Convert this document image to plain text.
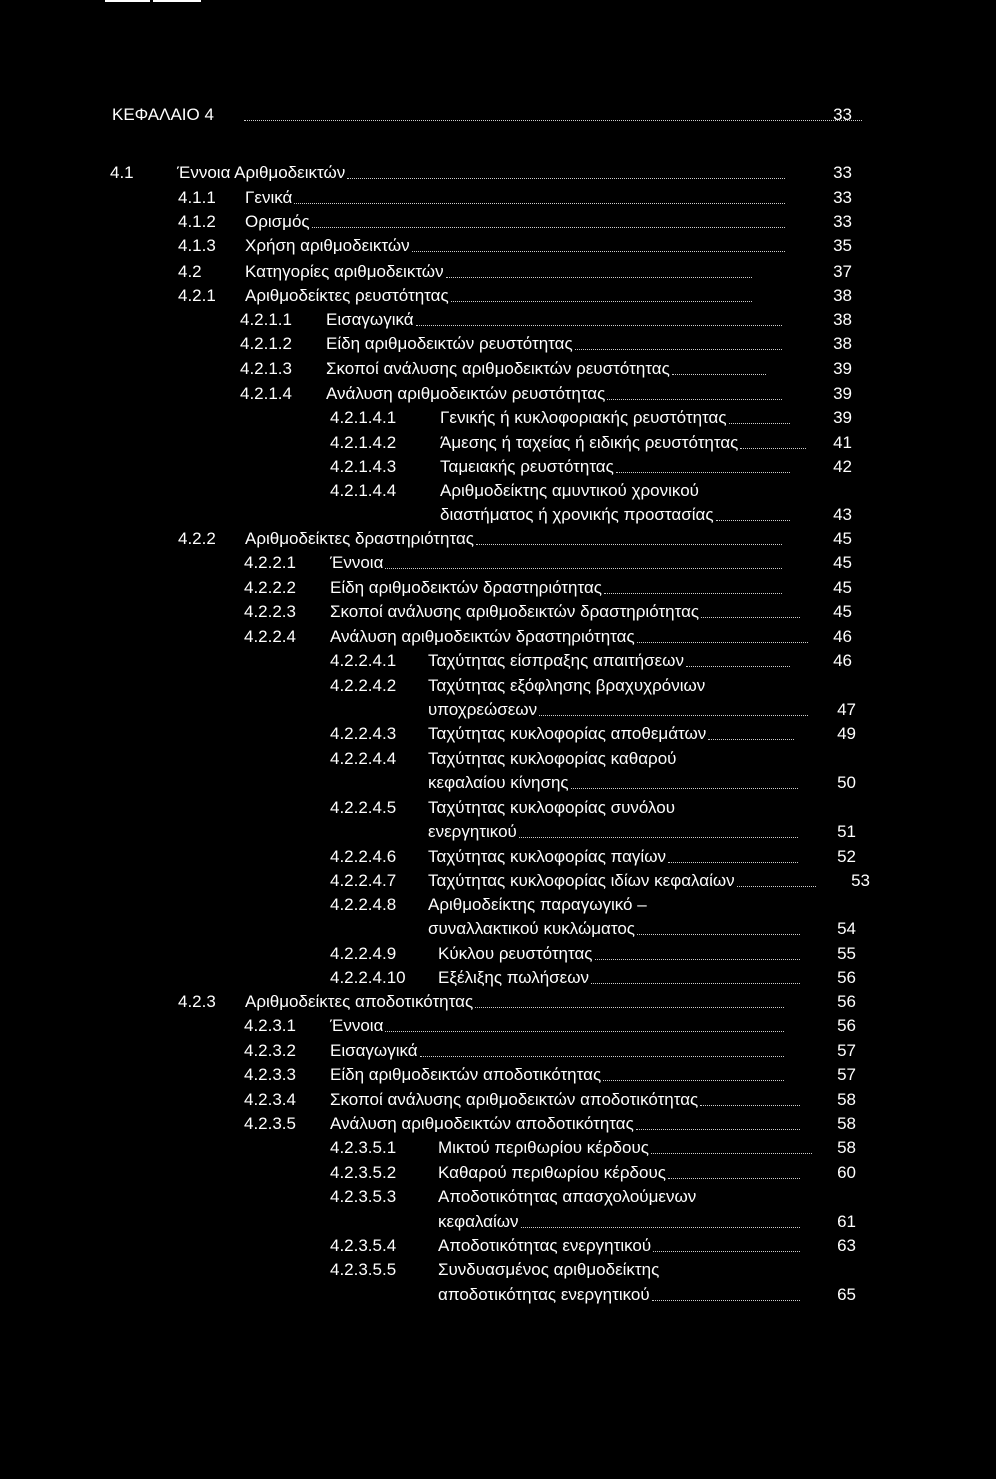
ΚΕΦΑΛΑΙΟ 4	33
4.1	Έννοια Αριθμοδεικτών	33
4.1.1 Γενικά	33
4.1.2 Ορισμός	33
4.1.3 Χρήση αριθμοδεικτών	35
4.2	Κατηγορίες αριθμοδεικτών	37
4.2.1 Αριθμοδείκτες ρευστότητας	38
4.2.1.1 Εισαγωγικά	38
4.2.1.2 Είδη αριθμοδεικτών ρευστότητας	38
4.2.1.3 Σκοποί ανάλυσης αριθμοδεικτών ρευστότητας	39
4.2.1.4 Ανάλυση αριθμοδεικτών ρευστότητας	39
4.2.1.4.1	Γενικής ή κυκλοφοριακής ρευστότητας	39
4.2.1.4.2	Άμεσης ή ταχείας ή ειδικής ρευστότητας	41
4.2.1.4.3	Ταμειακής ρευστότητας	42
4.2.1.4.4	Αριθμοδείκτης αμυντικού χρονικού
διαστήματος ή χρονικής προστασίας	43
4.2.2 Αριθμοδείκτες δραστηριότητας	45
4.2.2.1 Έννοια	45
4.2.2.2 Είδη αριθμοδεικτών δραστηριότητας	45
4.2.2.3 Σκοποί ανάλυσης αριθμοδεικτών δραστηριότητας	45
4.2.2.4 Ανάλυση αριθμοδεικτών δραστηριότητας	46
4.2.2.4.1 Ταχύτητας είσπραξης απαιτήσεων	46
4.2.2.4.2 Ταχύτητας εξόφλησης βραχυχρόνιων
υποχρεώσεων	47
4.2.2.4.3 Ταχύτητας κυκλοφορίας αποθεμάτων	49
4.2.2.4.4 Ταχύτητας κυκλοφορίας καθαρού
κεφαλαίου κίνησης	50
4.2.2.4.5 Ταχύτητας κυκλοφορίας συνόλου
ενεργητικού	51
4.2.2.4.6 Ταχύτητας κυκλοφορίας παγίων	52
4.2.2.4.7 Ταχύτητας κυκλοφορίας ιδίων κεφαλαίων	53
4.2.2.4.8 Αριθμοδείκτης παραγωγικό –
συναλλακτικού κυκλώματος	54
4.2.2.4.9 Κύκλου ρευστότητας	55
4.2.2.4.10 Εξέλιξης πωλήσεων	56
4.2.3 Αριθμοδείκτες αποδοτικότητας	56
4.2.3.1 Έννοια	56
4.2.3.2 Εισαγωγικά	57
4.2.3.3 Είδη αριθμοδεικτών αποδοτικότητας	57
4.2.3.4 Σκοποί ανάλυσης αριθμοδεικτών αποδοτικότητας	58
4.2.3.5 Ανάλυση αριθμοδεικτών αποδοτικότητας	58
4.2.3.5.1 Μικτού περιθωρίου κέρδους	58
4.2.3.5.2 Καθαρού περιθωρίου κέρδους	60
4.2.3.5.3 Αποδοτικότητας απασχολούμενων
κεφαλαίων	61
4.2.3.5.4 Αποδοτικότητας ενεργητικού	63
4.2.3.5.5 Συνδυασμένος αριθμοδείκτης
αποδοτικότητας ενεργητικού	65
